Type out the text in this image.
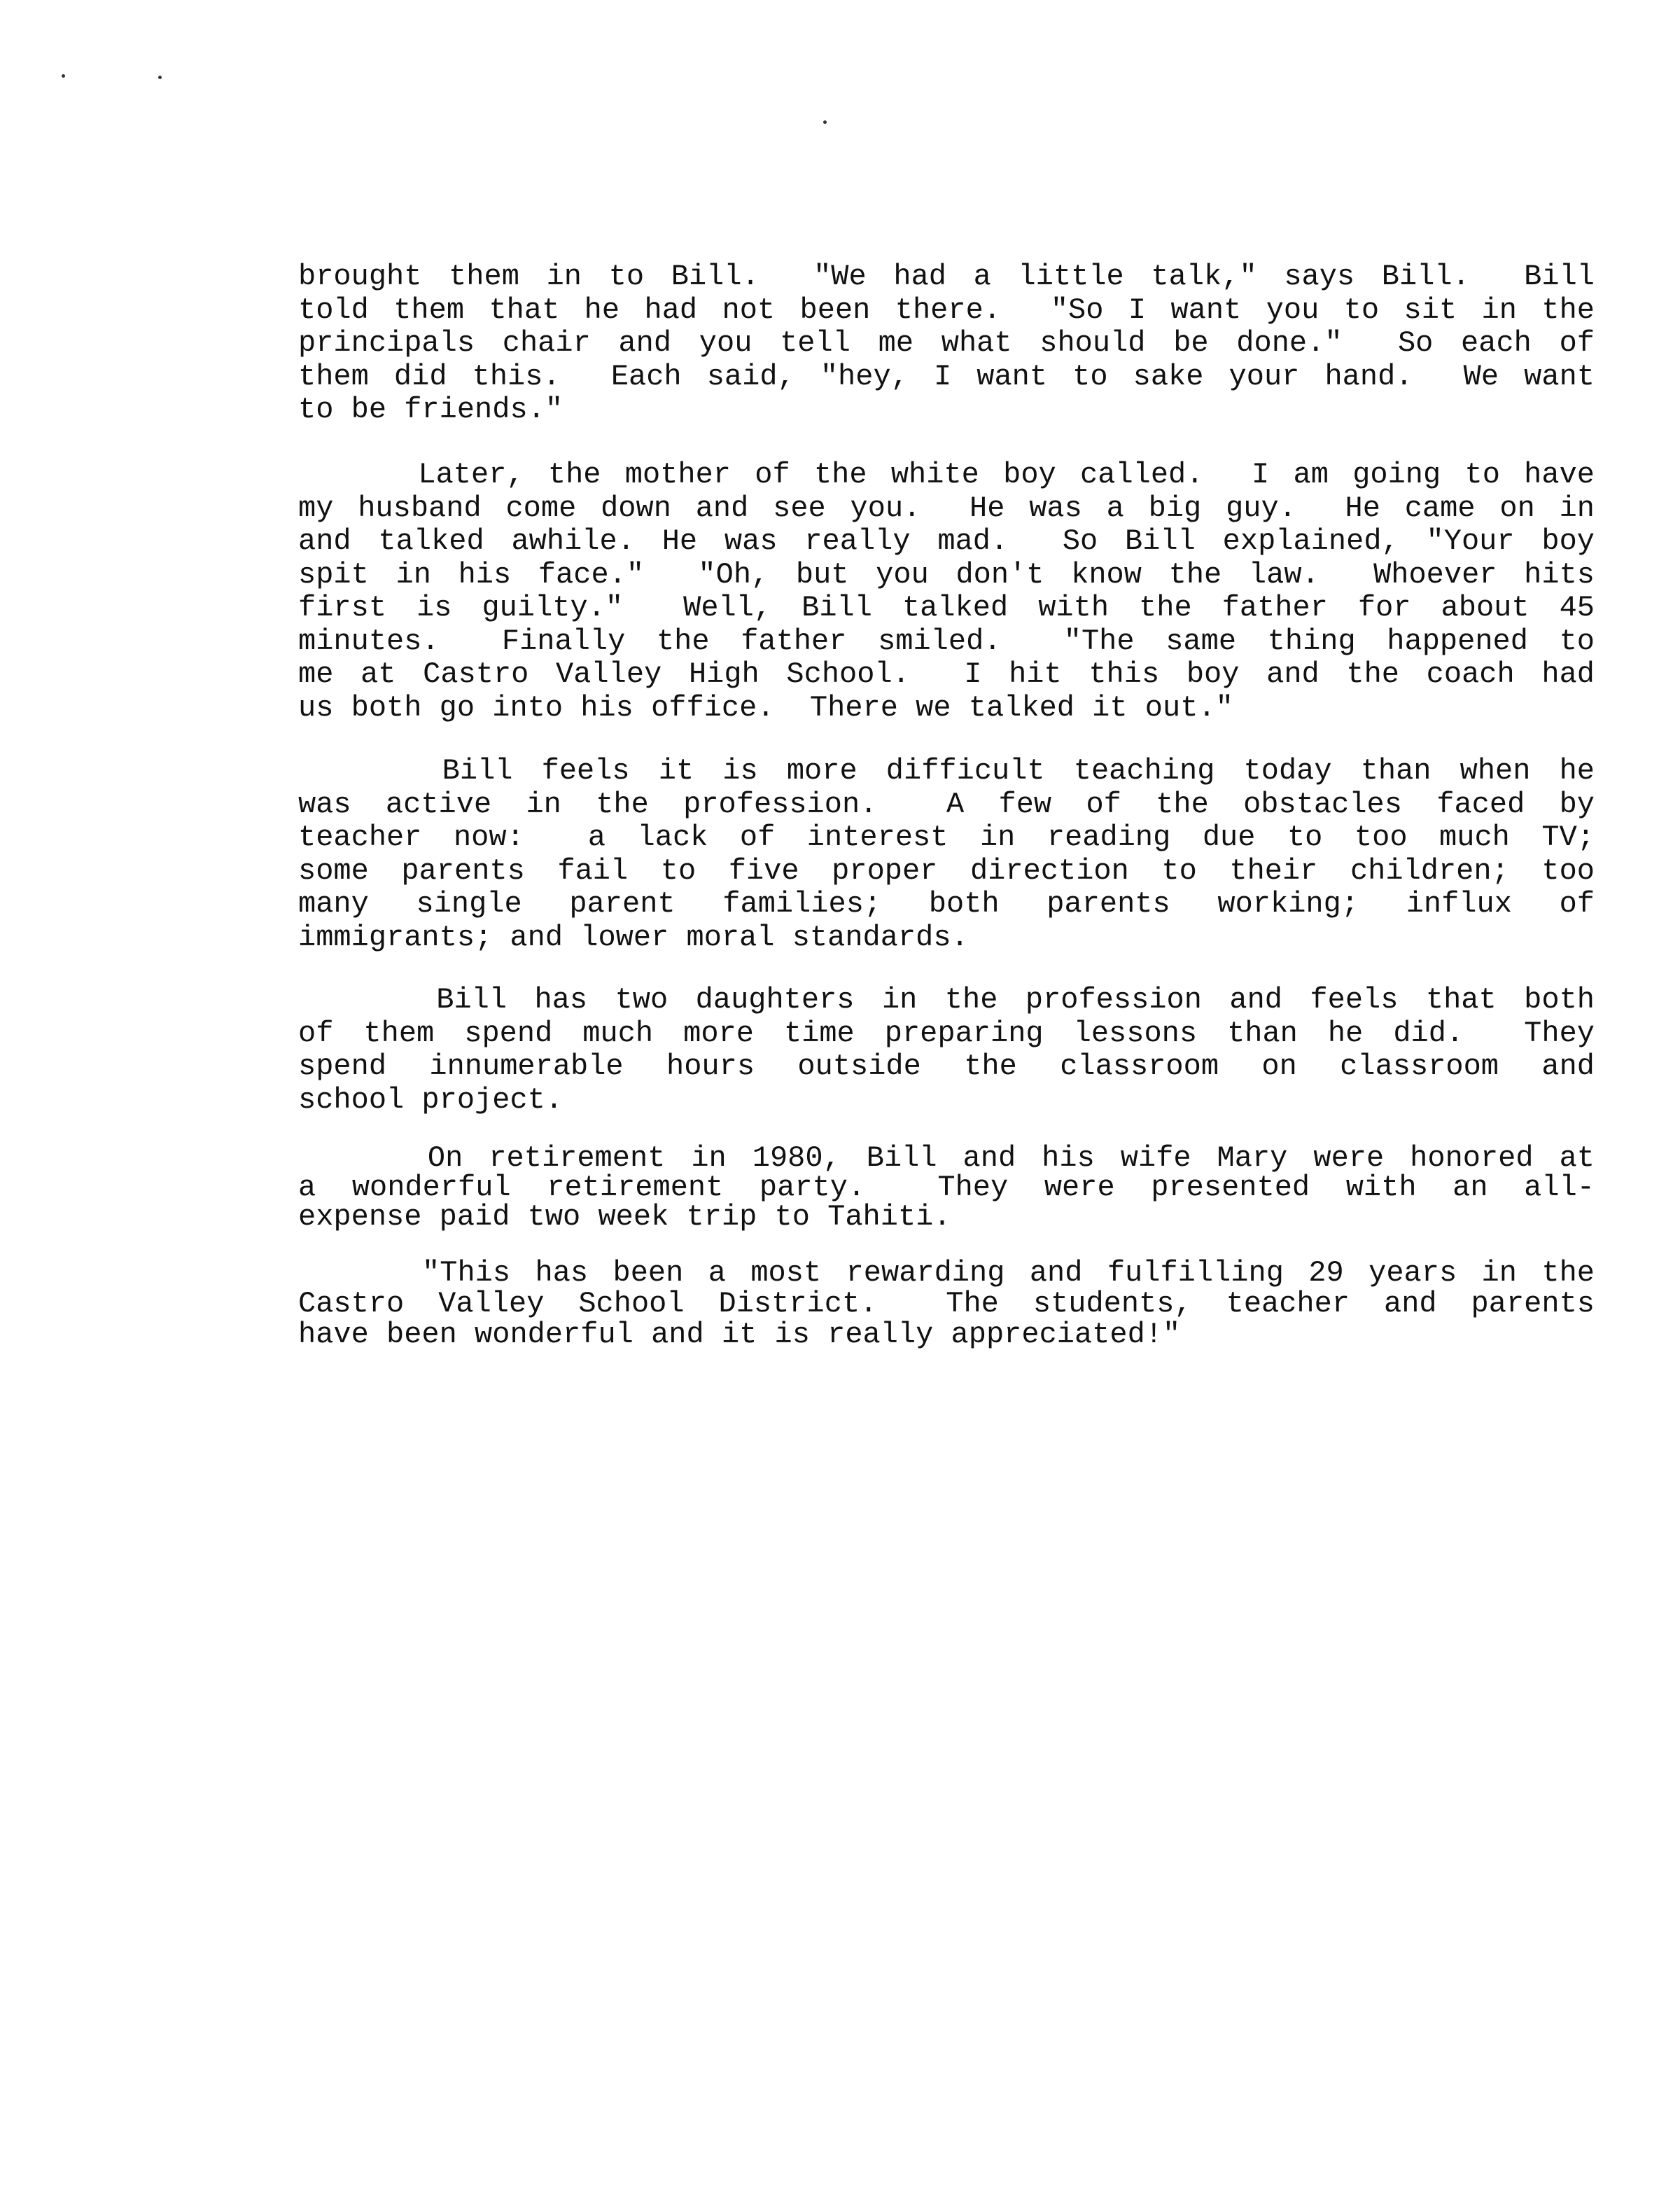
brought them in to Bill.  "We had a little talk," says Bill.  Bill
told them that he had not been there.  "So I want you to sit in the
principals chair and you tell me what should be done."  So each of
them did this.  Each said, "hey, I want to sake your hand.  We want
to be friends."
Later, the mother of the white boy called.  I am going to have
my husband come down and see you.  He was a big guy.  He came on in
and talked awhile. He was really mad.  So Bill explained, "Your boy
spit in his face."  "Oh, but you don't know the law.  Whoever hits
first is guilty."  Well, Bill talked with the father for about 45
minutes.  Finally the father smiled.  "The same thing happened to
me at Castro Valley High School.  I hit this boy and the coach had
us both go into his office.  There we talked it out."
Bill feels it is more difficult teaching today than when he
was active in the profession.  A few of the obstacles faced by
teacher now:  a lack of interest in reading due to too much TV;
some parents fail to five proper direction to their children; too
many single parent families; both parents working; influx of
immigrants; and lower moral standards.
Bill has two daughters in the profession and feels that both
of them spend much more time preparing lessons than he did.  They
spend innumerable hours outside the classroom on classroom and
school project.
On retirement in 1980, Bill and his wife Mary were honored at
a wonderful retirement party.  They were presented with an all-
expense paid two week trip to Tahiti.
"This has been a most rewarding and fulfilling 29 years in the
Castro Valley School District.  The students, teacher and parents
have been wonderful and it is really appreciated!"
